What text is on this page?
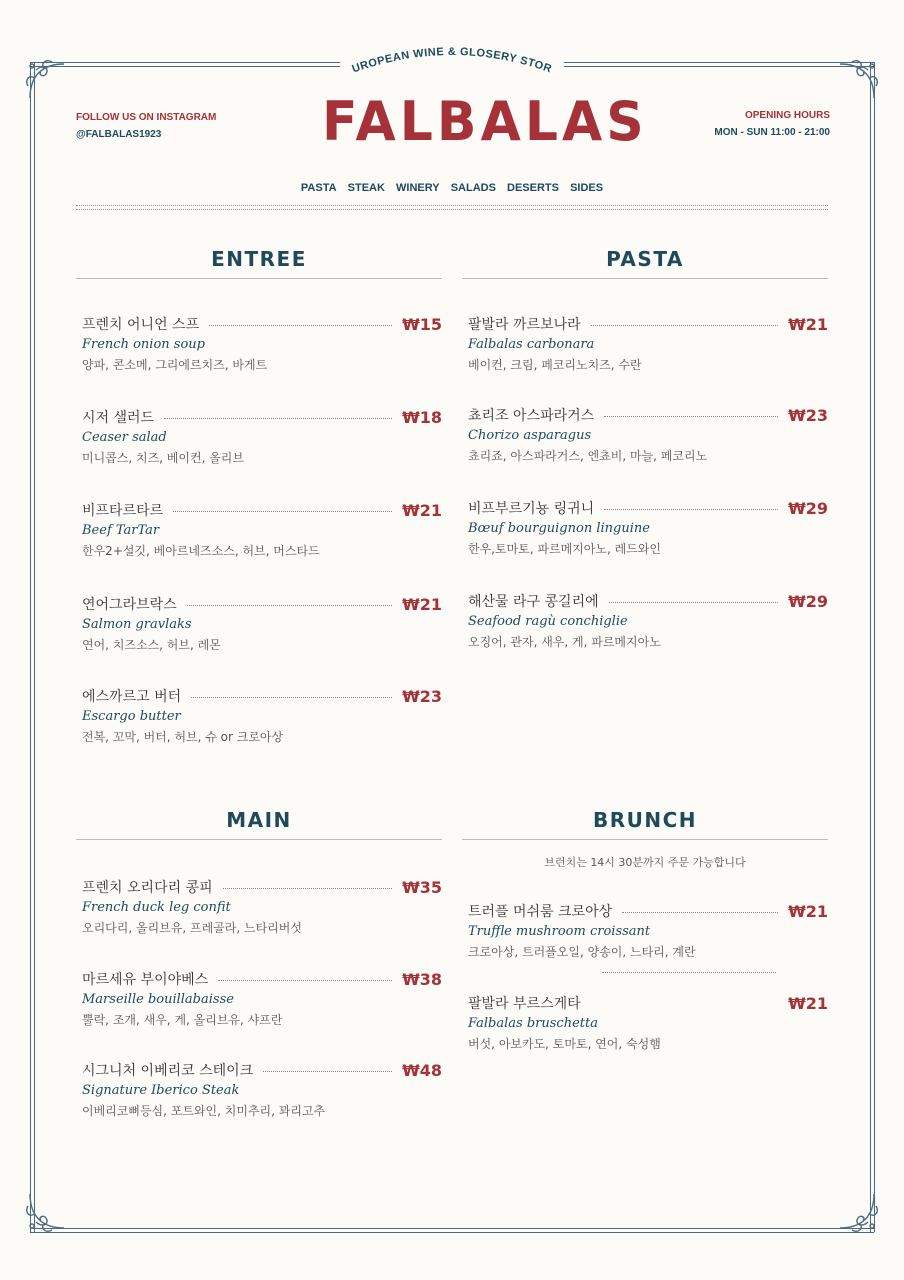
UROPEAN WINE & GLOSERY STOR
FALBALAS
FOLLOW US ON INSTAGRAM
@FALBALAS1923
OPENING HOURS
MON - SUN 11:00 - 21:00
PASTA STEAK WINERY SALADS DESERTS SIDES
ENTREE
프렌치 어니언 스프	₩15
French onion soup
양파, 콘소메, 그리에르치즈, 바게트
시저 샐러드	₩18
Ceaser salad
미니콥스, 치즈, 베이컨, 올리브
비프타르타르	₩21
Beef TarTar
한우2+설깃, 베아르네즈소스, 허브, 머스타드
연어그라브락스	₩21
Salmon gravlaks
연어, 치즈소스, 허브, 레몬
에스까르고 버터	₩23
Escargo butter
전복, 꼬막, 버터, 허브, 슈 or 크로아상
PASTA
팔발라 까르보나라	₩21
Falbalas carbonara
베이컨, 크림, 페코리노치즈, 수란
쵸리조 아스파라거스	₩23
Chorizo asparagus
쵸리죠, 아스파라거스, 엔쵸비, 마늘, 페코리노
비프부르기뇽 링귀니	₩29
Bœuf bourguignon linguine
한우,토마토, 파르메지아노, 레드와인
해산물 라구 콩길리에	₩29
Seafood ragù conchiglie
오징어, 관자, 새우, 게, 파르메지아노
MAIN
프렌치 오리다리 콩피	₩35
French duck leg confit
오리다리, 올리브유, 프레골라, 느타리버섯
마르세유 부이야베스	₩38
Marseille bouillabaisse
뿔락, 조개, 새우, 게, 올리브유, 샤프란
시그니처 이베리코 스테이크	₩48
Signature Iberico Steak
이베리코뼈등심, 포트와인, 치미추리, 꽈리고추
BRUNCH
브런치는 14시 30분까지 주문 가능합니다
트러플 머쉬룸 크로아상	₩21
Truffle mushroom croissant
크로아상, 트러플오일, 양송이, 느타리, 계란
팔발라 부르스게타	₩21
Falbalas bruschetta
버섯, 아보카도, 토마토, 연어, 숙성햄
